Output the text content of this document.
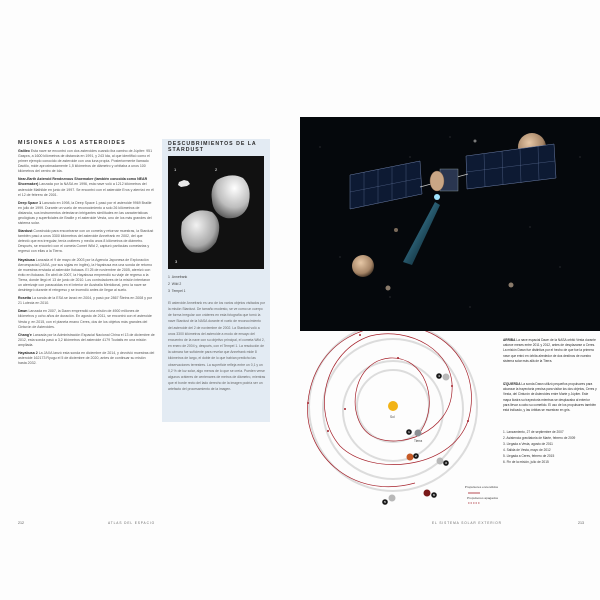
MISIONES A LOS ASTEROIDES

Galileo Esta nave se encontró con dos asteroides cuando iba camino de Júpiter: 951 Gaspra, a 1600 kilómetros de distancia en 1991, y 243 Ida, al que identificó como el primer ejemplo conocido de asteroide con una luna propia. Posteriormente llamado Dactilo, mide aproximadamente 1,5 kilómetros de diámetro y orbitaba a unos 100 kilómetros del centro de Ida.

Near-Earth Asteroid Rendezvous Shoemaker (también conocida como NEAR Shoemaker) Lanzada por la NASA en 1996, esta nave voló a 1212 kilómetros del asteroide Mathilde en junio de 1997. Se encontró con el asteroide Eros y aterrizó en él el 12 de febrero de 2001.

Deep Space 1 Lanzado en 1998, la Deep Space 1 pasó por el asteroide 9969 Braille en julio de 1999. Durante un vuelo de reconocimiento a solo 26 kilómetros de distancia, sus instrumentos detectaron intrigantes similitudes en las características geológicas y superficiales de Braille y el asteroide Vesta, uno de los más grandes del sistema solar.

Stardust Construido para encontrarse con un cometa y retornar muestras, la Stardust también pasó a unos 3300 kilómetros del asteroide Annefrank en 2002, del que detectó que era irregular, tenía cráteres y medía unos 8 kilómetros de diámetro. Después, se encontró con el cometa Comet Wild 2, capturó partículas cometarias y regresó con ellas a la Tierra.

Hayabusa Lanzada el 9 de mayo de 2003 por la Agencia Japonesa de Exploración Aeroespacial (JAXA, por sus siglas en inglés), la Hayabusa era una sonda de retorno de muestras enviada al asteroide Itokawa. El 25 de noviembre de 2005, aterrizó con éxito en Itokawa. En abril de 2007, la Hayabusa emprendió su viaje de regreso a la Tierra, donde llegó el 13 de junio de 2010. Los controladores de la misión intentaron un aterrizaje con paracaídas en el interior de Australia Meridional, pero la nave se desintegró durante el reingreso y se incendió antes de llegar al suelo.

Rosetta La sonda de la ESA se lanzó en 2004, y pasó por 2867 Šteins en 2008 y por 21 Lutecia en 2010.

Dawn Lanzada en 2007, la Dawn emprendió una misión de 4900 millones de kilómetros y ocho años de duración. En agosto de 2011, se encontró con el asteroide Vesta y, en 2015, con el planeta enano Ceres, dos de los objetos más grandes del Cinturón de Asteroides.

Chang'e Lanzada por la Administración Espacial Nacional China el 13 de diciembre de 2012, esta sonda pasó a 3,2 kilómetros del asteroide 4179 Toutatis en una misión ampliada.

Hayabusa 2 La JAXA lanzó esta sonda en diciembre de 2014, y devolvió muestras del asteroide 162173 Ryugu el 5 de diciembre de 2020, antes de continuar su misión hasta 2032.

DESCUBRIMIENTOS DE LA STARDUST
1	2
3
1 Annefrank
2 Wild 2
3 Tempel 1
El asteroide Annefrank es uno de los varios objetos visitados por la misión Stardust. De tamaño modesto, se ve como un cuerpo de forma irregular con cráteres en esta fotografía que tomó la nave Stardust de la NASA durante el vuelo de reconocimiento del asteroide del 2 de noviembre de 2002. La Stardust voló a unos 3300 kilómetros del asteroide a modo de ensayo del encuentro de la nave con su objetivo principal, el cometa Wild 2, en enero de 2004 y, después, con el Tempel 1. La resolución de la cámara fue suficiente para revelar que Annefrank mide 8 kilómetros de largo, el doble de lo que habían predicho las observaciones terrestres. La superficie refleja entre un 0,1 y un 0,2 % de luz solar, algo menos de lo que se creía. Pueden verse algunos cráteres de centenares de metros de diámetro, mientras que el borde recto del lado derecho de la imagen podría ser un artefacto del procesamiento de la imagen.
212	ATLAS DEL ESPACIO
Sol
Tierra
1
2
3
4
5
6
Propulsores encendidos
Propulsores apagados
ARRIBA La nave espacial Dawn de la NASA orbitó Vesta durante catorce meses entre 2011 y 2012, antes de desplazarse a Ceres. La misión Dawn fue distintiva por el hecho de que fue la primera nave que entró en órbita alrededor de dos destinos de nuestro sistema solar más allá de la Tierra.
IZQUIERDA La sonda Dawn utilizó pequeños propulsores para alcanzar la trayectoria precisa para visitar los dos objetos, Ceres y Vesta, del Cinturón de Asteroides entre Marte y Júpiter. Este mapa ilustra su trayectoria mientras se desplazaba al exterior para llevar a cabo su cometido. El uso de los propulsores también está indicado, y las órbitas se muestran en gris.
1. Lanzamiento, 27 de septiembre de 2007
2. Asistencia gravitatoria de Marte, febrero de 2009
3. Llegada a Vesta, agosto de 2011
4. Salida de Vesta, mayo de 2012
5. Llegada a Ceres, febrero de 2015
6. Fin de la misión, julio de 2015
EL SISTEMA SOLAR EXTERIOR	213
